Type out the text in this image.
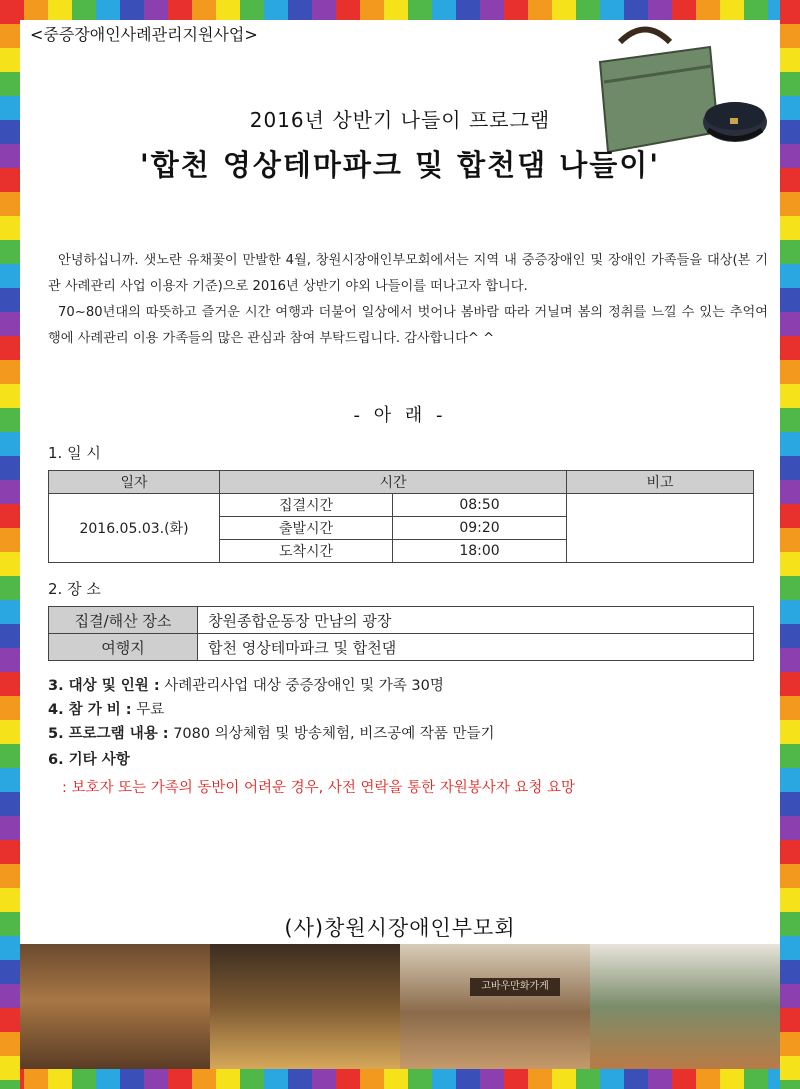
<중증장애인사례관리지원사업>
2016년 상반기 나들이 프로그램
'합천 영상테마파크 및 합천댐 나들이'

안녕하십니까. 샛노란 유채꽃이 만발한 4월, 창원시장애인부모회에서는 지역 내 중증장애인 및 장애인 가족들을 대상(본 기관 사례관리 사업 이용자 기준)으로 2016년 상반기 야외 나들이를 떠나고자 합니다.

70~80년대의 따뜻하고 즐거운 시간 여행과 더불어 일상에서 벗어나 봄바람 따라 거닐며 봄의 정취를 느낄 수 있는 추억여행에 사례관리 이용 가족들의 많은 관심과 참여 부탁드립니다. 감사합니다^ ^

- 아 래 -
1. 일 시
일자	시간		비고
2016.05.03.(화)	집결시간	08:50	
	출발시간	09:20	
	도착시간	18:00	
2. 장 소
집결/해산 장소	창원종합운동장 만남의 광장
여행지	합천 영상테마파크 및 합천댐
3. 대상 및 인원 : 사례관리사업 대상 중증장애인 및 가족 30명
4. 참 가 비 : 무료
5. 프로그램 내용 : 7080 의상체험 및 방송체험, 비즈공예 작품 만들기
6. 기타 사항
: 보호자 또는 가족의 동반이 어려운 경우, 사전 연락을 통한 자원봉사자 요청 요망
(사)창원시장애인부모회
고바우만화가게
